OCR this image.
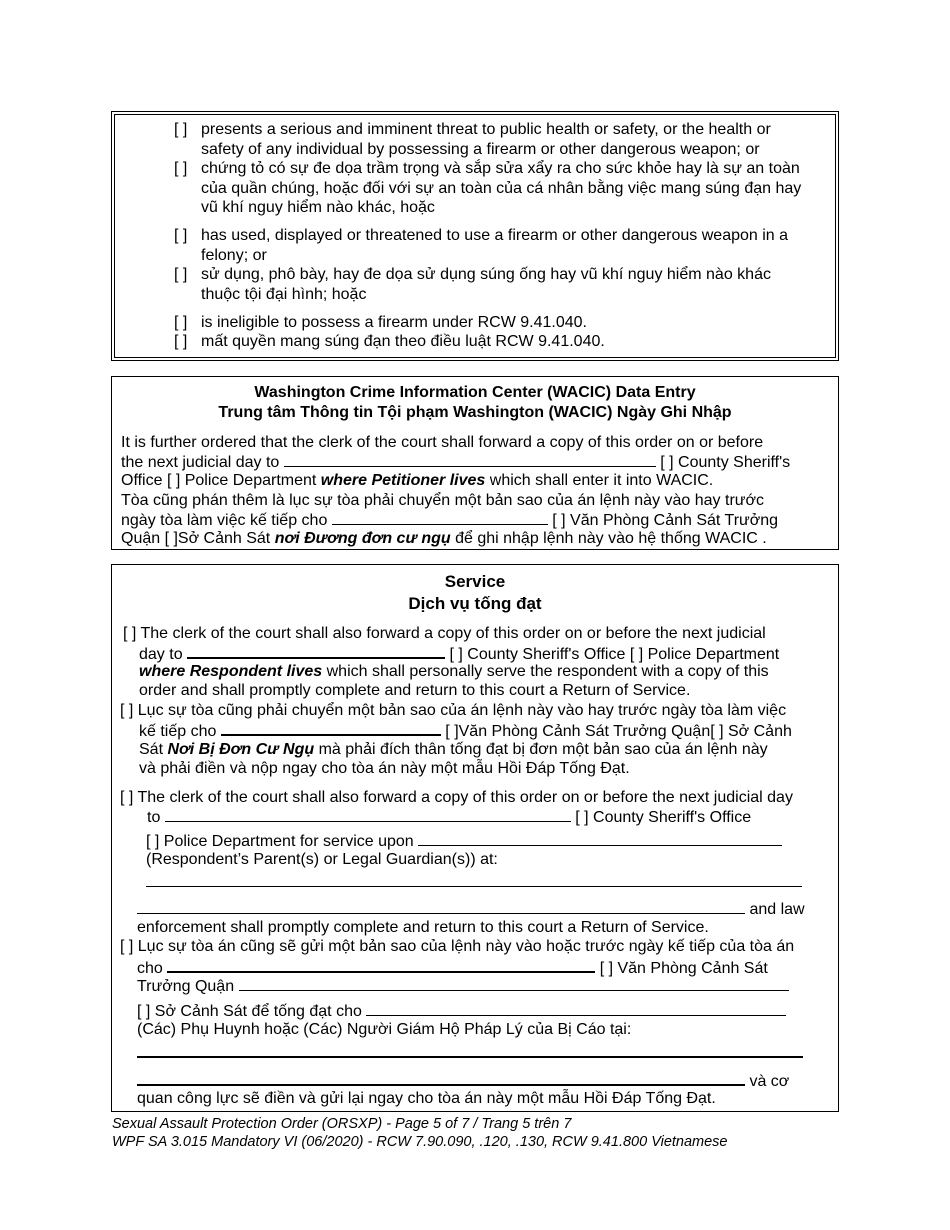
[ ] presents a serious and imminent threat to public health or safety, or the health or safety of any individual by possessing a firearm or other dangerous weapon; or
[ ] chứng tỏ có sự đe dọa trầm trọng và sắp sửa xẩy ra cho sức khỏe hay là sự an toàn của quần chúng, hoặc đối với sự an toàn của cá nhân bằng việc mang súng đạn hay vũ khí nguy hiểm nào khác, hoặc
[ ] has used, displayed or threatened to use a firearm or other dangerous weapon in a felony; or
[ ] sử dụng, phô bày, hay đe dọa sử dụng súng ống hay vũ khí nguy hiểm nào khác thuộc tội đại hình; hoặc
[ ] is ineligible to possess a firearm under RCW 9.41.040.
[ ] mất quyền mang súng đạn theo điều luật RCW 9.41.040.
Washington Crime Information Center (WACIC) Data Entry
Trung tâm Thông tin Tội phạm Washington (WACIC) Ngày Ghi Nhập
It is further ordered that the clerk of the court shall forward a copy of this order on or before
the next judicial day to	[ ] County Sheriff's
Office [ ] Police Department where Petitioner lives which shall enter it into WACIC.
Tòa cũng phán thêm là lục sự tòa phải chuyển một bản sao của án lệnh này vào hay trước
ngày tòa làm việc kế tiếp cho	[ ] Văn Phòng Cảnh Sát Trưởng
Quận [ ]Sở Cảnh Sát nơi Đương đơn cư ngụ để ghi nhập lệnh này vào hệ thống WACIC .
Service
Dịch vụ tống đạt
[ ] The clerk of the court shall also forward a copy of this order on or before the next judicial
day to	[ ] County Sheriff's Office [ ] Police Department
where Respondent lives which shall personally serve the respondent with a copy of this
order and shall promptly complete and return to this court a Return of Service.
[ ] Lục sự tòa cũng phải chuyển một bản sao của án lệnh này vào hay trước ngày tòa làm việc
kế tiếp cho	[ ]Văn Phòng Cảnh Sát Trưởng Quận[ ] Sở Cảnh
Sát Nơi Bị Đơn Cư Ngụ mà phải đích thân tống đạt bị đơn một bản sao của án lệnh này
và phải điền và nộp ngay cho tòa án này một mẫu Hồi Đáp Tống Đạt.
[ ] The clerk of the court shall also forward a copy of this order on or before the next judicial day
to	[ ] County Sheriff's Office
[ ] Police Department for service upon
(Respondent’s Parent(s) or Legal Guardian(s)) at:
and law
enforcement shall promptly complete and return to this court a Return of Service.
[ ] Lục sự tòa án cũng sẽ gửi một bản sao của lệnh này vào hoặc trước ngày kế tiếp của tòa án
cho	[ ] Văn Phòng Cảnh Sát
Trưởng Quận
[ ] Sở Cảnh Sát để tống đạt cho
(Các) Phụ Huynh hoặc (Các) Người Giám Hộ Pháp Lý của Bị Cáo tại:
và cơ
quan công lực sẽ điền và gửi lại ngay cho tòa án này một mẫu Hồi Đáp Tống Đạt.
Sexual Assault Protection Order (ORSXP) - Page 5 of 7 / Trang 5 trên 7
WPF SA 3.015 Mandatory VI (06/2020) - RCW 7.90.090, .120, .130, RCW 9.41.800 Vietnamese
